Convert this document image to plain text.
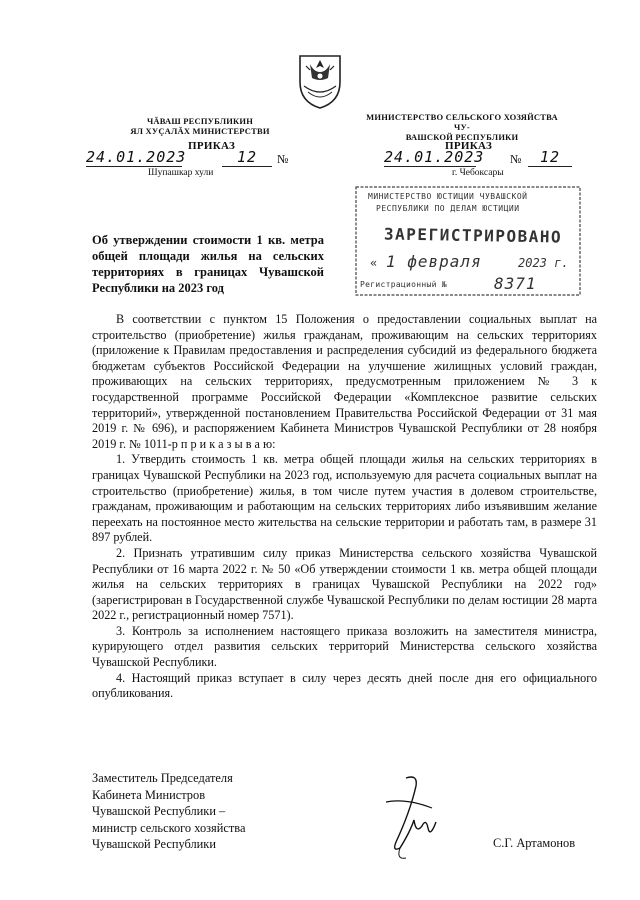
ЧĂВАШ РЕСПУБЛИКИН
ЯЛ ХУÇАЛĂХ МИНИСТЕРСТВИ
МИНИСТЕРСТВО СЕЛЬСКОГО ХОЗЯЙСТВА ЧУ-
ВАШСКОЙ РЕСПУБЛИКИ
ПРИКАЗ	ПРИКАЗ
24.01.2023	12	№
Шупашкар хули
24.01.2023 №	12
г. Чебоксары
МИНИСТЕРСТВО ЮСТИЦИИ ЧУВАШСКОЙ
РЕСПУБЛИКИ ПО ДЕЛАМ ЮСТИЦИИ
ЗАРЕГИСТРИРОВАНО
« 1 февраля	2023 г.
Регистрационный №	8371
Об утверждении стоимости 1 кв. метра общей площади жилья на сельских территориях в границах Чувашской Республики на 2023 год

В соответствии с пунктом 15 Положения о предоставлении социальных выплат на строительство (приобретение) жилья гражданам, проживающим на сельских территориях (приложение к Правилам предоставления и распределения субсидий из федерального бюджета бюджетам субъектов Российской Федерации на улучшение жилищных условий граждан, проживающих на сельских территориях, предусмотренным приложением № 3 к государственной программе Российской Федерации «Комплексное развитие сельских территорий», утвержденной постановлением Правительства Российской Федерации от 31 мая 2019 г. № 696), и распоряжением Кабинета Министров Чувашской Республики от 28 ноября 2019 г. № 1011-р п р и к а з ы в а ю:

1. Утвердить стоимость 1 кв. метра общей площади жилья на сельских территориях в границах Чувашской Республики на 2023 год, используемую для расчета социальных выплат на строительство (приобретение) жилья, в том числе путем участия в долевом строительстве, гражданам, проживающим и работающим на сельских территориях либо изъявившим желание переехать на постоянное место жительства на сельские территории и работать там, в размере 31 897 рублей.

2. Признать утратившим силу приказ Министерства сельского хозяйства Чувашской Республики от 16 марта 2022 г. № 50 «Об утверждении стоимости 1 кв. метра общей площади жилья на сельских территориях в границах Чувашской Республики на 2022 год» (зарегистрирован в Государственной службе Чувашской Республики по делам юстиции 28 марта 2022 г., регистрационный номер 7571).

3. Контроль за исполнением настоящего приказа возложить на заместителя министра, курирующего отдел развития сельских территорий Министерства сельского хозяйства Чувашской Республики.

4. Настоящий приказ вступает в силу через десять дней после дня его официального опубликования.

Заместитель Председателя
Кабинета Министров
Чувашской Республики –
министр сельского хозяйства
Чувашской Республики	С.Г. Артамонов
